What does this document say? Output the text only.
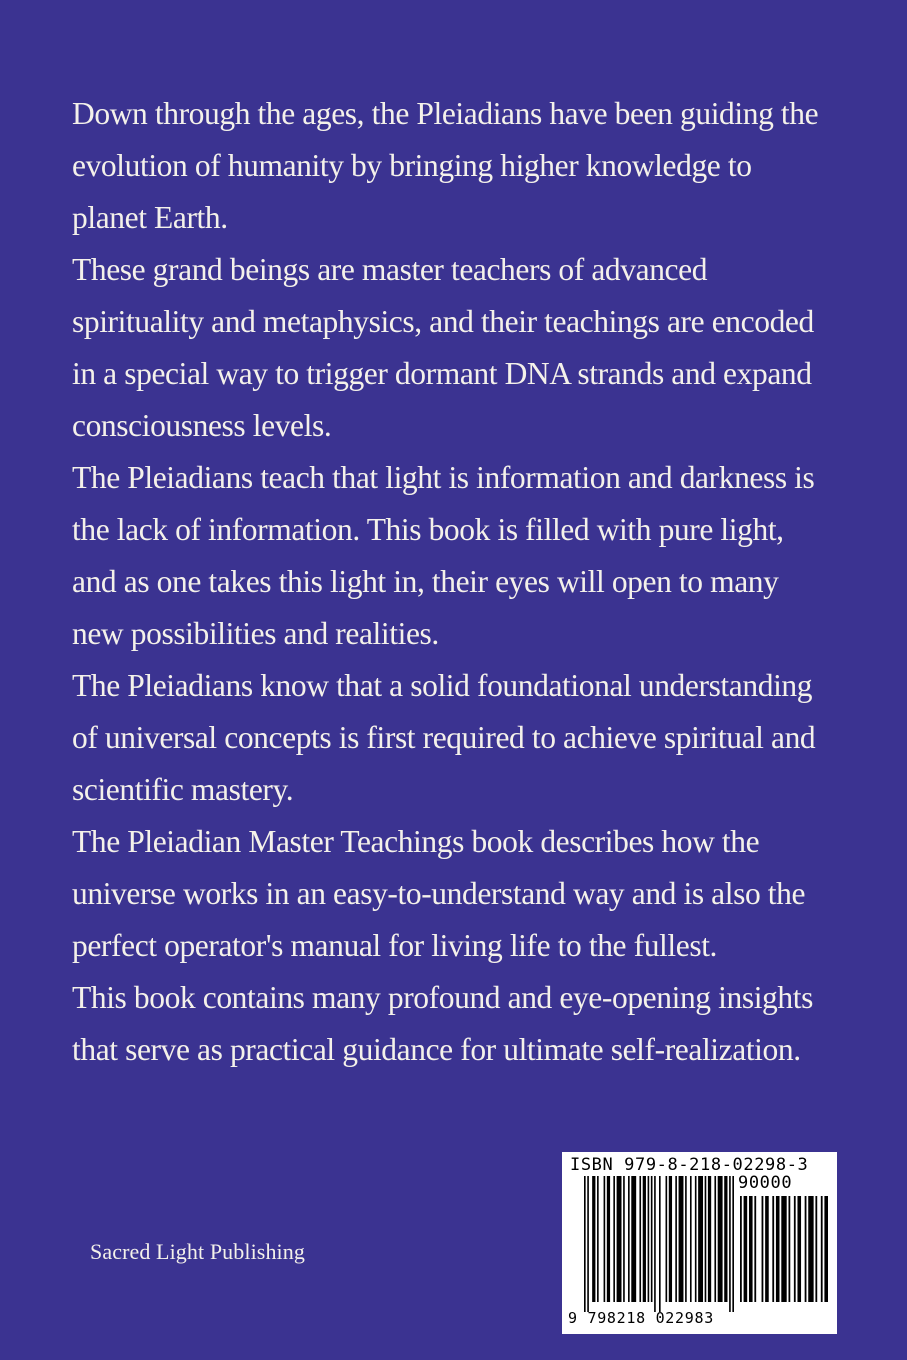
Down through the ages, the Pleiadians have been guiding the evolution of humanity by bringing higher knowledge to planet Earth.

These grand beings are master teachers of advanced spirituality and metaphysics, and their teachings are encoded in a special way to trigger dormant DNA strands and expand consciousness levels.

The Pleiadians teach that light is information and darkness is the lack of information. This book is filled with pure light, and as one takes this light in, their eyes will open to many new possibilities and realities.

The Pleiadians know that a solid foundational understanding of universal concepts is first required to achieve spiritual and scientific mastery.

The Pleiadian Master Teachings book describes how the universe works in an easy-to-understand way and is also the perfect operator's manual for living life to the fullest.

This book contains many profound and eye-opening insights that serve as practical guidance for ultimate self-realization.

Sacred Light Publishing
ISBN 979-8-218-02298-3
90000
9 798218 022983
